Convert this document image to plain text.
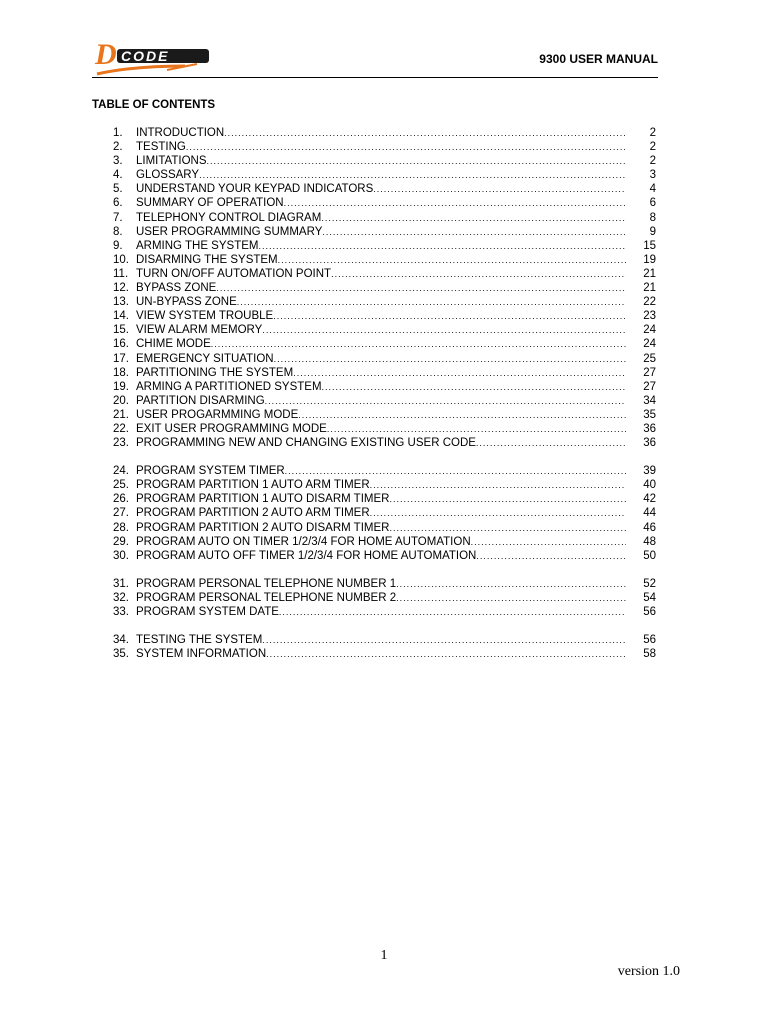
D CODE	9300 USER MANUAL
TABLE OF CONTENTS
1.	INTRODUCTION .....	2
2.	TESTING .....	2
3.	LIMITATIONS .....	2
4.	GLOSSARY .....	3
5.	UNDERSTAND YOUR KEYPAD INDICATORS .....	4
6.	SUMMARY OF OPERATION .....	6
7.	TELEPHONY CONTROL DIAGRAM .....	8
8.	USER PROGRAMMING SUMMARY .....	9
9.	ARMING THE SYSTEM .....	15
10. DISARMING THE SYSTEM .....	19
11. TURN ON/OFF AUTOMATION POINT .....	21
12. BYPASS ZONE .....	21
13. UN-BYPASS ZONE .....	22
14. VIEW SYSTEM TROUBLE .....	23
15. VIEW ALARM MEMORY .....	24
16. CHIME MODE .....	24
17. EMERGENCY SITUATION .....	25
18. PARTITIONING THE SYSTEM .....	27
19. ARMING A PARTITIONED SYSTEM .....	27
20. PARTITION DISARMING .....	34
21. USER PROGARMMING MODE .....	35
22. EXIT USER PROGRAMMING MODE .....	36
23. PROGRAMMING NEW AND CHANGING EXISTING USER CODE .....	36
24. PROGRAM SYSTEM TIMER .....	39
25. PROGRAM PARTITION 1 AUTO ARM TIMER .....	40
26. PROGRAM PARTITION 1 AUTO DISARM TIMER .....	42
27. PROGRAM PARTITION 2 AUTO ARM TIMER .....	44
28. PROGRAM PARTITION 2 AUTO DISARM TIMER .....	46
29. PROGRAM AUTO ON TIMER 1/2/3/4 FOR HOME AUTOMATION .....	48
30. PROGRAM AUTO OFF TIMER 1/2/3/4 FOR HOME AUTOMATION .....	50
31. PROGRAM PERSONAL TELEPHONE NUMBER 1 .....	52
32. PROGRAM PERSONAL TELEPHONE NUMBER 2 .....	54
33. PROGRAM SYSTEM DATE .....	56
34. TESTING THE SYSTEM .....	56
35. SYSTEM INFORMATION .....	58
1
version 1.0
